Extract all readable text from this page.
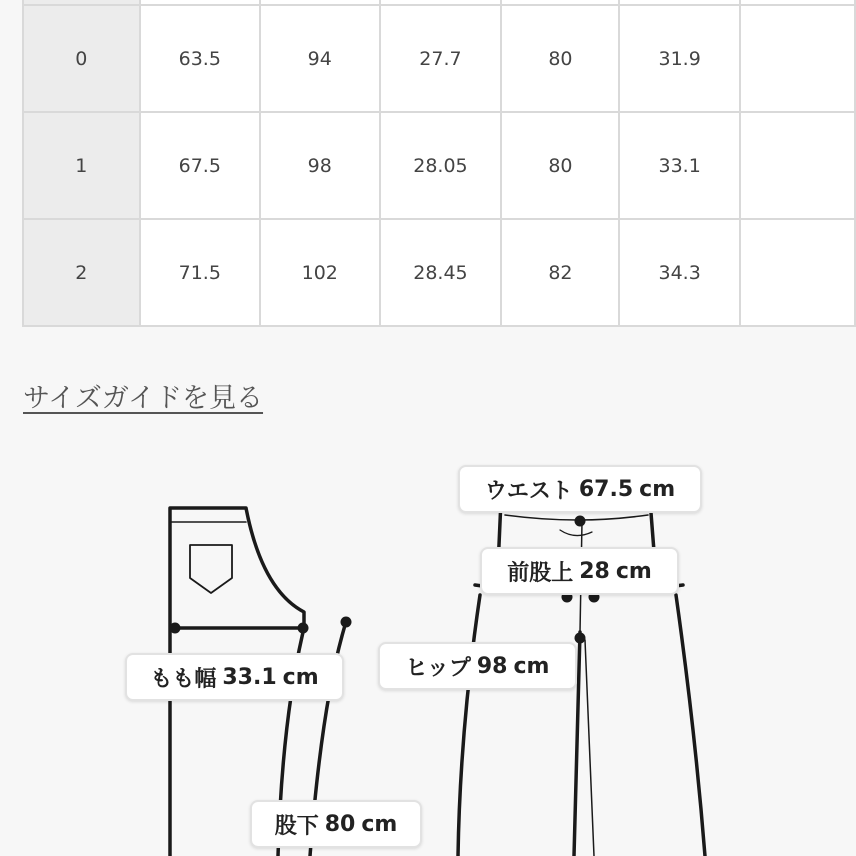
0	63.5	94	27.7	80	31.9	
1	67.5	98	28.05	80	33.1	
2	71.5	102	28.45	82	34.3	
サイズガイドを見る
ウエスト 67.5 cm
前股上 28 cm
ヒップ 98 cm
もも幅 33.1 cm
股下 80 cm
